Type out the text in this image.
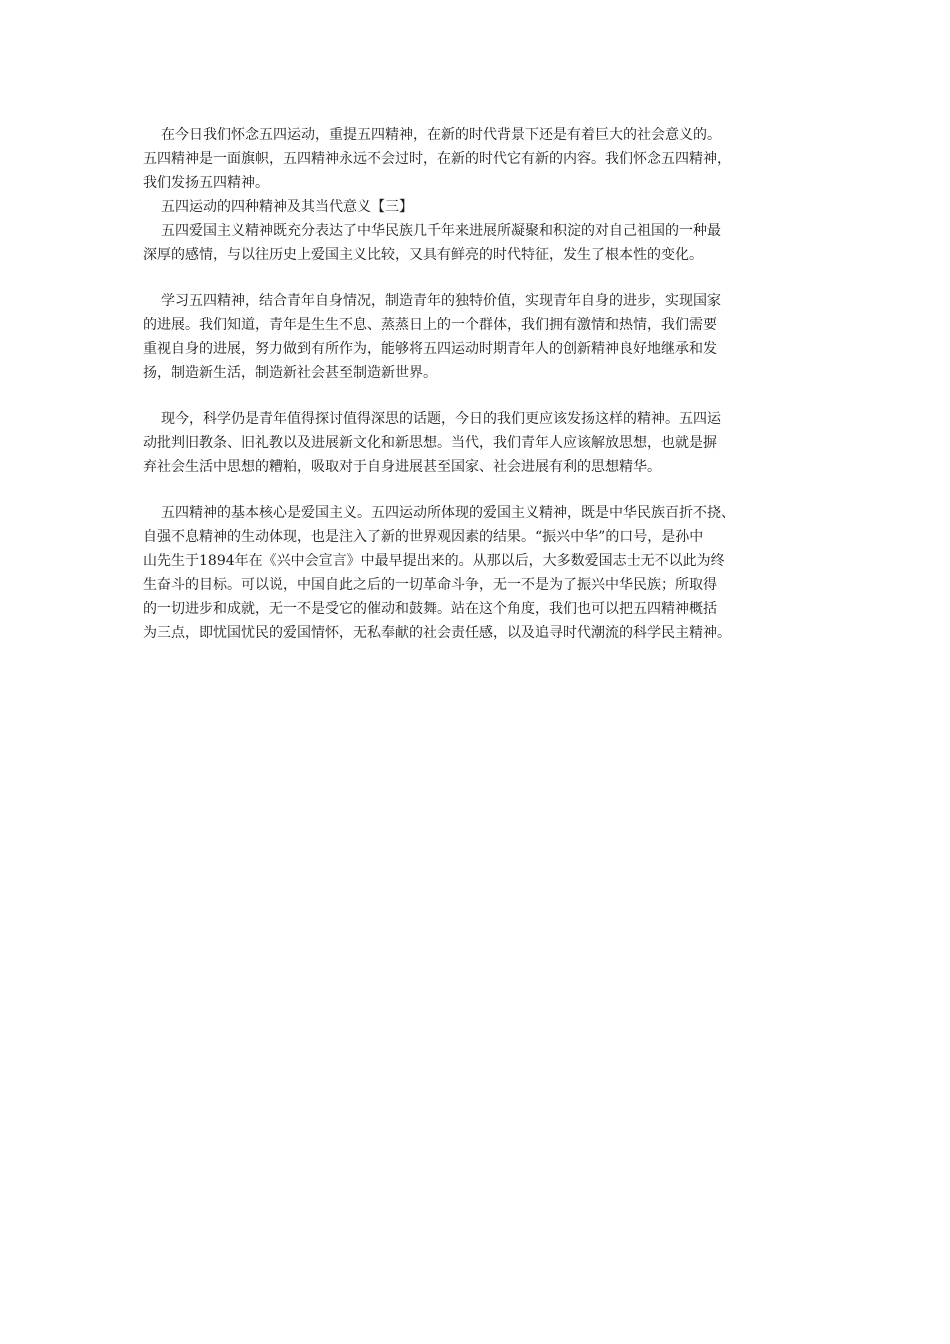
在今日我们怀念五四运动，重提五四精神，在新的时代背景下还是有着巨大的社会意义的。
五四精神是一面旗帜，五四精神永远不会过时，在新的时代它有新的内容。我们怀念五四精神，
我们发扬五四精神。

五四运动的四种精神及其当代意义【三】

五四爱国主义精神既充分表达了中华民族几千年来进展所凝聚和积淀的对自己祖国的一种最
深厚的感情，与以往历史上爱国主义比较，又具有鲜亮的时代特征，发生了根本性的变化。

学习五四精神，结合青年自身情况，制造青年的独特价值，实现青年自身的进步，实现国家
的进展。我们知道，青年是生生不息、蒸蒸日上的一个群体，我们拥有激情和热情，我们需要
重视自身的进展，努力做到有所作为，能够将五四运动时期青年人的创新精神良好地继承和发
扬，制造新生活，制造新社会甚至制造新世界。

现今，科学仍是青年值得探讨值得深思的话题，今日的我们更应该发扬这样的精神。五四运
动批判旧教条、旧礼教以及进展新文化和新思想。当代，我们青年人应该解放思想，也就是摒
弃社会生活中思想的糟粕，吸取对于自身进展甚至国家、社会进展有利的思想精华。

五四精神的基本核心是爱国主义。五四运动所体现的爱国主义精神，既是中华民族百折不挠、
自强不息精神的生动体现，也是注入了新的世界观因素的结果。“振兴中华”的口号，是孙中
山先生于1894年在《兴中会宣言》中最早提出来的。从那以后，大多数爱国志士无不以此为终
生奋斗的目标。可以说，中国自此之后的一切革命斗争，无一不是为了振兴中华民族；所取得
的一切进步和成就，无一不是受它的催动和鼓舞。站在这个角度，我们也可以把五四精神概括
为三点，即忧国忧民的爱国情怀，无私奉献的社会责任感，以及追寻时代潮流的科学民主精神。
